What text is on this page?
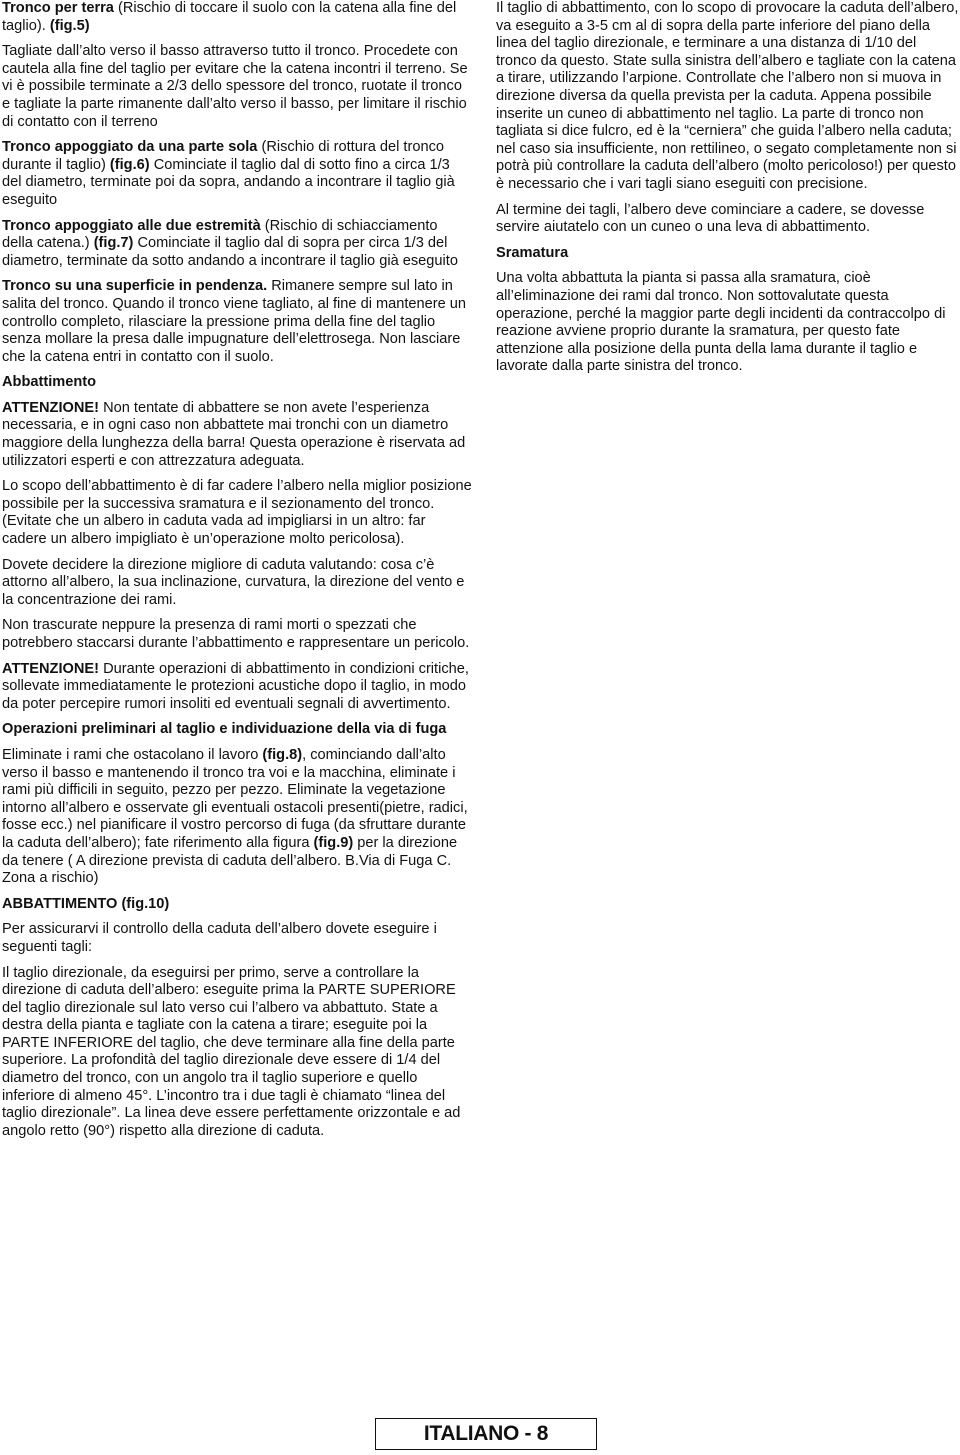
Tronco per terra (Rischio di toccare il suolo con la catena alla fine del taglio). (fig.5)

Tagliate dall’alto verso il basso attraverso tutto il tronco. Procedete con cautela alla fine del taglio per evitare che la catena incontri il terreno. Se vi è possibile terminate a 2/3 dello spessore del tronco, ruotate il tronco e tagliate la parte rimanente dall’alto verso il basso, per limitare il rischio di contatto con il terreno

Tronco appoggiato da una parte sola (Rischio di rottura del tronco durante il taglio) (fig.6) Cominciate il taglio dal di sotto fino a circa 1/3 del diametro, terminate poi da sopra, andando a incontrare il taglio già eseguito

Tronco appoggiato alle due estremità (Rischio di schiacciamento della catena.) (fig.7) Cominciate il taglio dal di sopra per circa 1/3 del diametro, terminate da sotto andando a incontrare il taglio già eseguito

Tronco su una superficie in pendenza. Rimanere sempre sul lato in salita del tronco. Quando il tronco viene tagliato, al fine di mantenere un controllo completo, rilasciare la pressione prima della fine del taglio senza mollare la presa dalle impugnature dell’elettrosega. Non lasciare che la catena entri in contatto con il suolo.

Abbattimento

ATTENZIONE! Non tentate di abbattere se non avete l’esperienza necessaria, e in ogni caso non abbattete mai tronchi con un diametro maggiore della lunghezza della barra! Questa operazione è riservata ad utilizzatori esperti e con attrezzatura adeguata.

Lo scopo dell’abbattimento è di far cadere l’albero nella miglior posizione possibile per la successiva sramatura e il sezionamento del tronco. (Evitate che un albero in caduta vada ad impigliarsi in un altro: far cadere un albero impigliato è un’operazione molto pericolosa).

Dovete decidere la direzione migliore di caduta valutando: cosa c’è attorno all’albero, la sua inclinazione, curvatura, la direzione del vento e la concentrazione dei rami.

Non trascurate neppure la presenza di rami morti o spezzati che potrebbero staccarsi durante l’abbattimento e rappresentare un pericolo.

ATTENZIONE! Durante operazioni di abbattimento in condizioni critiche, sollevate immediatamente le protezioni acustiche dopo il taglio, in modo da poter percepire rumori insoliti ed eventuali segnali di avvertimento.

Operazioni preliminari al taglio e individuazione della via di fuga

Eliminate i rami che ostacolano il lavoro (fig.8), cominciando dall’alto verso il basso e mantenendo il tronco tra voi e la macchina, eliminate i rami più difficili in seguito, pezzo per pezzo. Eliminate la vegetazione intorno all’albero e osservate gli eventuali ostacoli presenti(pietre, radici, fosse ecc.) nel pianificare il vostro percorso di fuga (da sfruttare durante la caduta dell’albero); fate riferimento alla figura (fig.9) per la direzione da tenere ( A direzione prevista di caduta dell’albero. B.Via di Fuga C. Zona a rischio)

ABBATTIMENTO (fig.10)

Per assicurarvi il controllo della caduta dell’albero dovete eseguire i seguenti tagli:

Il taglio direzionale, da eseguirsi per primo, serve a controllare la direzione di caduta dell’albero: eseguite prima la PARTE SUPERIORE del taglio direzionale sul lato verso cui l’albero va abbattuto. State a destra della pianta e tagliate con la catena a tirare; eseguite poi la PARTE INFERIORE del taglio, che deve terminare alla fine della parte superiore. La profondità del taglio direzionale deve essere di 1/4 del diametro del tronco, con un angolo tra il taglio superiore e quello inferiore di almeno 45°. L’incontro tra i due tagli è chiamato “linea del taglio direzionale”. La linea deve essere perfettamente orizzontale e ad angolo retto (90°) rispetto alla direzione di caduta.

Il taglio di abbattimento, con lo scopo di provocare la caduta dell’albero, va eseguito a 3-5 cm al di sopra della parte inferiore del piano della linea del taglio direzionale, e terminare a una distanza di 1/10 del tronco da questo. State sulla sinistra dell’albero e tagliate con la catena a tirare, utilizzando l’arpione. Controllate che l’albero non si muova in direzione diversa da quella prevista per la caduta. Appena possibile inserite un cuneo di abbattimento nel taglio. La parte di tronco non tagliata si dice fulcro, ed è la “cerniera” che guida l’albero nella caduta; nel caso sia insufficiente, non rettilineo, o segato completamente non si potrà più controllare la caduta dell’albero (molto pericoloso!) per questo è necessario che i vari tagli siano eseguiti con precisione.

Al termine dei tagli, l’albero deve cominciare a cadere, se dovesse servire aiutatelo con un cuneo o una leva di abbattimento.

Sramatura

Una volta abbattuta la pianta si passa alla sramatura, cioè all’eliminazione dei rami dal tronco. Non sottovalutate questa operazione, perché la maggior parte degli incidenti da contraccolpo di reazione avviene proprio durante la sramatura, per questo fate attenzione alla posizione della punta della lama durante il taglio e lavorate dalla parte sinistra del tronco.

ITALIANO - 8
